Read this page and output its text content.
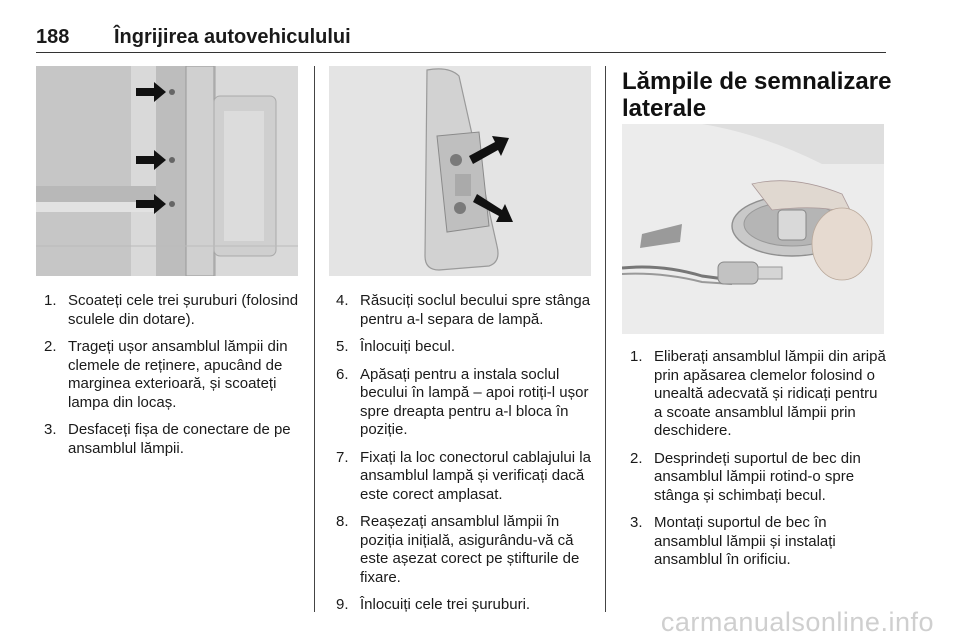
188 Îngrijirea autovehiculului
1. Scoateți cele trei șuruburi (folosind sculele din dotare).
2. Trageți ușor ansamblul lămpii din clemele de reținere, apucând de marginea exterioară, și scoateți lampa din locaș.
3. Desfaceți fișa de conectare de pe ansamblul lămpii.
4. Răsuciți soclul becului spre stânga pentru a-l separa de lampă.
5. Înlocuiți becul.
6. Apăsați pentru a instala soclul becului în lampă – apoi rotiți-l ușor spre dreapta pentru a-l bloca în poziție.
7. Fixați la loc conectorul cablajului la ansamblul lampă și verificați dacă este corect amplasat.
8. Reașezați ansamblul lămpii în poziția inițială, asigurându-vă că este așezat corect pe știfturile de fixare.
9. Înlocuiți cele trei șuruburi.
Lămpile de semnalizare laterale
1. Eliberați ansamblul lămpii din aripă prin apăsarea clemelor folosind o unealtă adecvată și ridicați pentru a scoate ansamblul lămpii prin deschidere.
2. Desprindeți suportul de bec din ansamblul lămpii rotind-o spre stânga și schimbați becul.
3. Montați suportul de bec în ansamblul lămpii și instalați ansamblul în orificiu.
carmanualsonline.info
